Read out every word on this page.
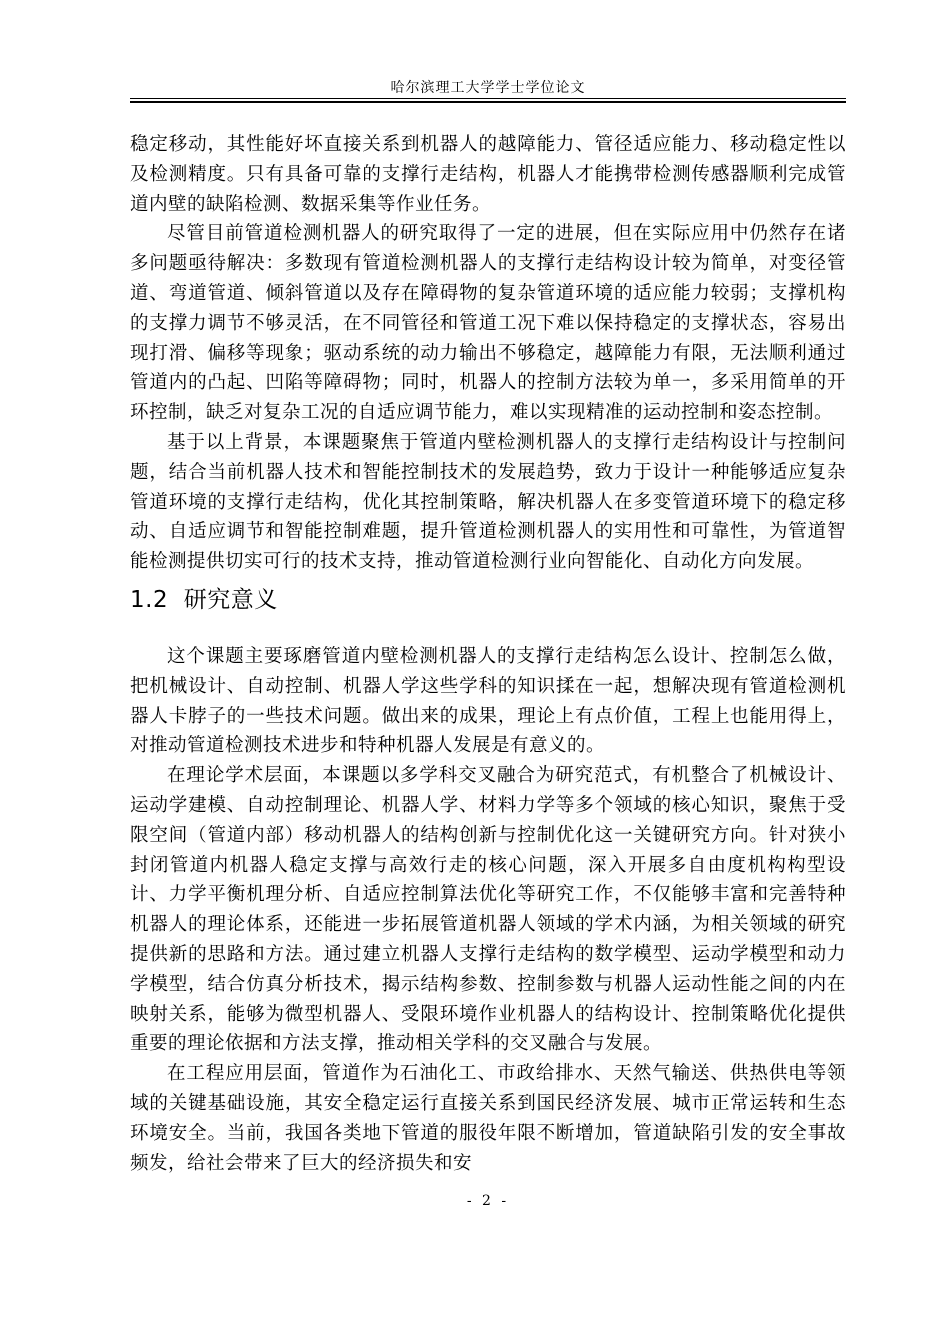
哈尔滨理工大学学士学位论文

稳定移动，其性能好坏直接关系到机器人的越障能力、管径适应能力、移动稳定性以及检测精度。只有具备可靠的支撑行走结构，机器人才能携带检测传感器顺利完成管道内壁的缺陷检测、数据采集等作业任务。

尽管目前管道检测机器人的研究取得了一定的进展，但在实际应用中仍然存在诸多问题亟待解决：多数现有管道检测机器人的支撑行走结构设计较为简单，对变径管道、弯道管道、倾斜管道以及存在障碍物的复杂管道环境的适应能力较弱；支撑机构的支撑力调节不够灵活，在不同管径和管道工况下难以保持稳定的支撑状态，容易出现打滑、偏移等现象；驱动系统的动力输出不够稳定，越障能力有限，无法顺利通过管道内的凸起、凹陷等障碍物；同时，机器人的控制方法较为单一，多采用简单的开环控制，缺乏对复杂工况的自适应调节能力，难以实现精准的运动控制和姿态控制。

基于以上背景，本课题聚焦于管道内壁检测机器人的支撑行走结构设计与控制问题，结合当前机器人技术和智能控制技术的发展趋势，致力于设计一种能够适应复杂管道环境的支撑行走结构，优化其控制策略，解决机器人在多变管道环境下的稳定移动、自适应调节和智能控制难题，提升管道检测机器人的实用性和可靠性，为管道智能检测提供切实可行的技术支持，推动管道检测行业向智能化、自动化方向发展。

1.2 研究意义

这个课题主要琢磨管道内壁检测机器人的支撑行走结构怎么设计、控制怎么做，把机械设计、自动控制、机器人学这些学科的知识揉在一起，想解决现有管道检测机器人卡脖子的一些技术问题。做出来的成果，理论上有点价值，工程上也能用得上，对推动管道检测技术进步和特种机器人发展是有意义的。

在理论学术层面，本课题以多学科交叉融合为研究范式，有机整合了机械设计、运动学建模、自动控制理论、机器人学、材料力学等多个领域的核心知识，聚焦于受限空间（管道内部）移动机器人的结构创新与控制优化这一关键研究方向。针对狭小封闭管道内机器人稳定支撑与高效行走的核心问题，深入开展多自由度机构构型设计、力学平衡机理分析、自适应控制算法优化等研究工作，不仅能够丰富和完善特种机器人的理论体系，还能进一步拓展管道机器人领域的学术内涵，为相关领域的研究提供新的思路和方法。通过建立机器人支撑行走结构的数学模型、运动学模型和动力学模型，结合仿真分析技术，揭示结构参数、控制参数与机器人运动性能之间的内在映射关系，能够为微型机器人、受限环境作业机器人的结构设计、控制策略优化提供重要的理论依据和方法支撑，推动相关学科的交叉融合与发展。

在工程应用层面，管道作为石油化工、市政给排水、天然气输送、供热供电等领域的关键基础设施，其安全稳定运行直接关系到国民经济发展、城市正常运转和生态环境安全。当前，我国各类地下管道的服役年限不断增加，管道缺陷引发的安全事故频发，给社会带来了巨大的经济损失和安

- 2 -
